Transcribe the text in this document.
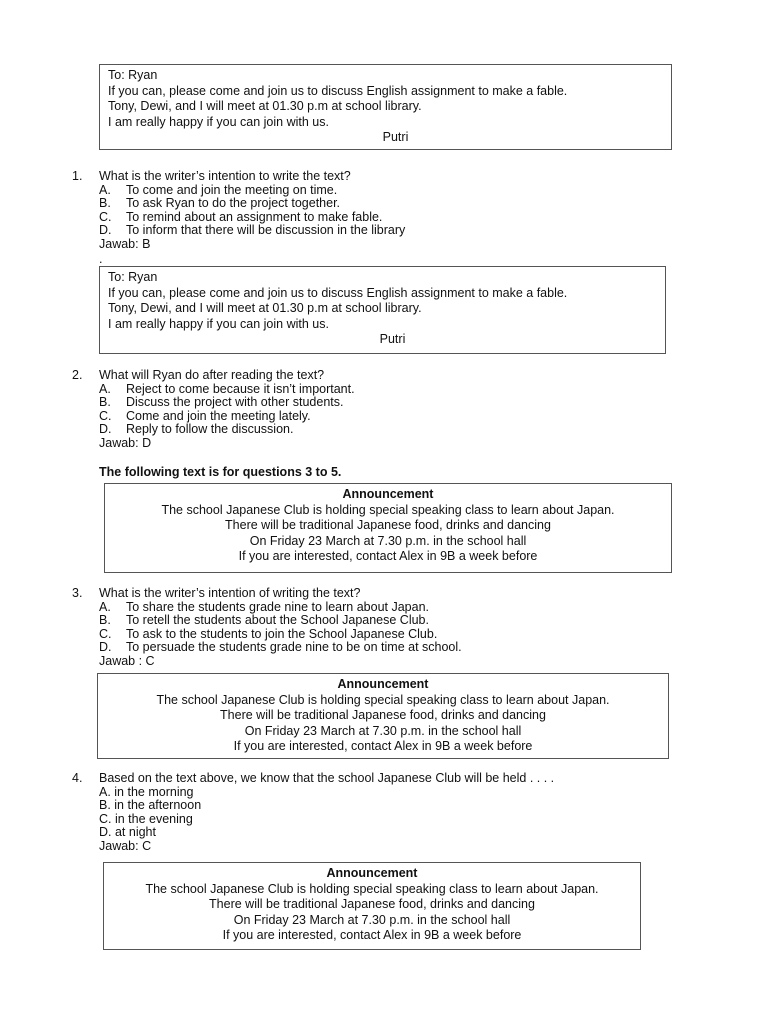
To: Ryan
If you can, please come and join us to discuss English assignment to make a fable.
Tony, Dewi, and I will meet at 01.30 p.m at school library.
I am really happy if you can join with us.
Putri
1. What is the writer’s intention to write the text?
A. To come and join the meeting on time.
B. To ask Ryan to do the project together.
C. To remind about an assignment to make fable.
D. To inform that there will be discussion in the library
Jawab: B
.
To: Ryan
If you can, please come and join us to discuss English assignment to make a fable.
Tony, Dewi, and I will meet at 01.30 p.m at school library.
I am really happy if you can join with us.
Putri
2. What will Ryan do after reading the text?
A. Reject to come because it isn’t important.
B. Discuss the project with other students.
C. Come and join the meeting lately.
D. Reply to follow the discussion.
Jawab: D
The following text is for questions 3 to 5.
Announcement
The school Japanese Club is holding special speaking class to learn about Japan.
There will be traditional Japanese food, drinks and dancing
On Friday 23 March at 7.30 p.m. in the school hall
If you are interested, contact Alex in 9B a week before
3. What is the writer’s intention of writing the text?
A. To share the students grade nine to learn about Japan.
B. To retell the students about the School Japanese Club.
C. To ask to the students to join the School Japanese Club.
D. To persuade the students grade nine to be on time at school.
Jawab : C
Announcement
The school Japanese Club is holding special speaking class to learn about Japan.
There will be traditional Japanese food, drinks and dancing
On Friday 23 March at 7.30 p.m. in the school hall
If you are interested, contact Alex in 9B a week before
4. Based on the text above, we know that the school Japanese Club will be held . . . .
A. in the morning
B. in the afternoon
C. in the evening
D. at night
Jawab: C
Announcement
The school Japanese Club is holding special speaking class to learn about Japan.
There will be traditional Japanese food, drinks and dancing
On Friday 23 March at 7.30 p.m. in the school hall
If you are interested, contact Alex in 9B a week before
